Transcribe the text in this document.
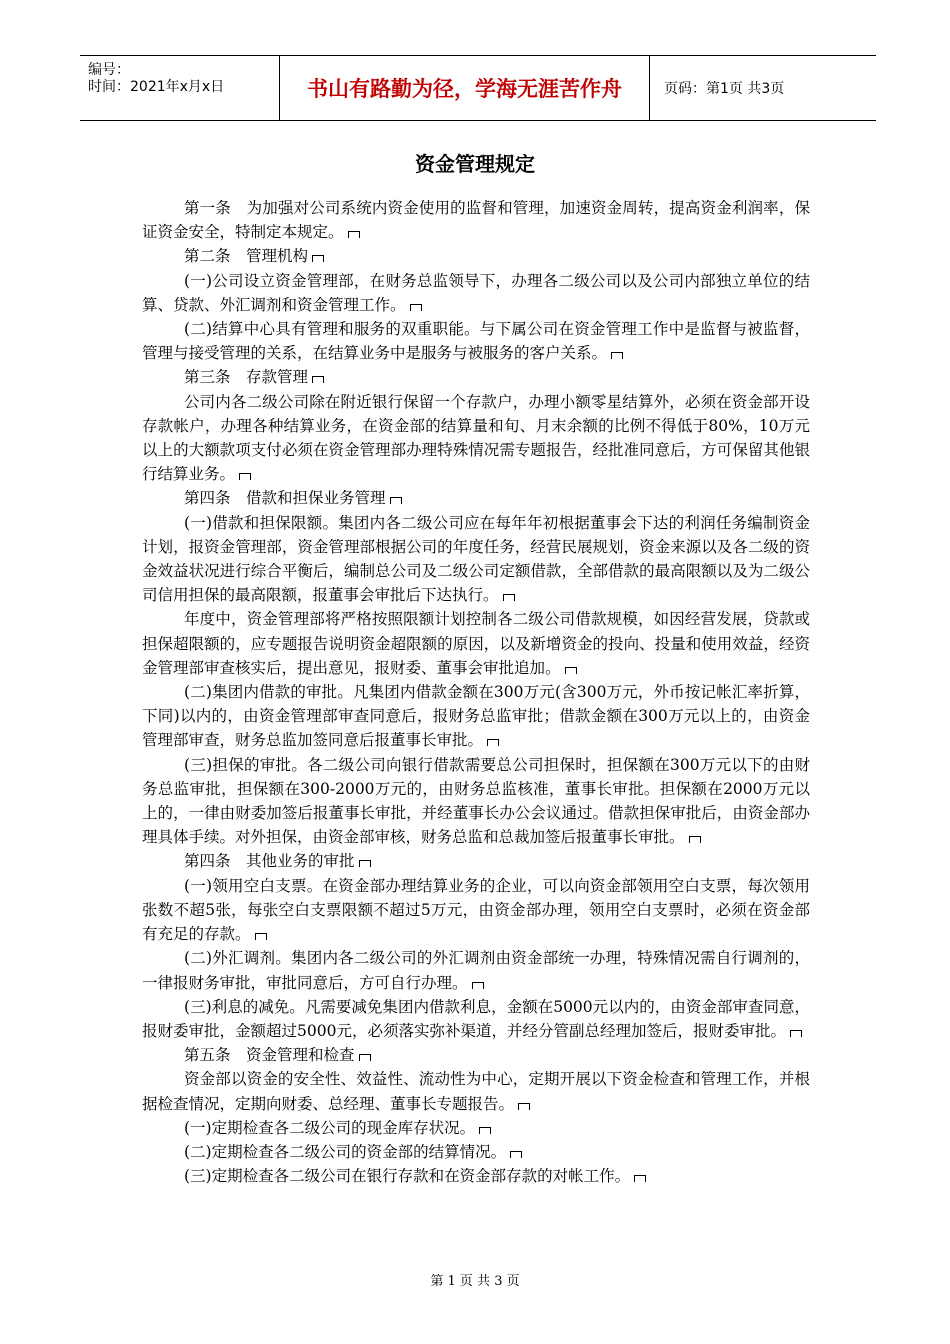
编号：
时间：2021年x月x日	书山有路勤为径，学海无涯苦作舟	页码：第1页 共3页
资金管理规定

第一条　为加强对公司系统内资金使用的监督和管理，加速资金周转，提高资金利润率，保证资金安全，特制定本规定。

第二条　管理机构

(一)公司设立资金管理部，在财务总监领导下，办理各二级公司以及公司内部独立单位的结算、贷款、外汇调剂和资金管理工作。

(二)结算中心具有管理和服务的双重职能。与下属公司在资金管理工作中是监督与被监督，管理与接受管理的关系，在结算业务中是服务与被服务的客户关系。

第三条　存款管理

公司内各二级公司除在附近银行保留一个存款户，办理小额零星结算外，必须在资金部开设存款帐户，办理各种结算业务，在资金部的结算量和旬、月末余额的比例不得低于80%，10万元以上的大额款项支付必须在资金管理部办理特殊情况需专题报告，经批准同意后，方可保留其他银行结算业务。

第四条　借款和担保业务管理

(一)借款和担保限额。集团内各二级公司应在每年年初根据董事会下达的利润任务编制资金计划，报资金管理部，资金管理部根据公司的年度任务，经营民展规划，资金来源以及各二级的资金效益状况进行综合平衡后，编制总公司及二级公司定额借款，全部借款的最高限额以及为二级公司信用担保的最高限额，报董事会审批后下达执行。

年度中，资金管理部将严格按照限额计划控制各二级公司借款规模，如因经营发展，贷款或担保超限额的，应专题报告说明资金超限额的原因，以及新增资金的投向、投量和使用效益，经资金管理部审查核实后，提出意见，报财委、董事会审批追加。

(二)集团内借款的审批。凡集团内借款金额在300万元(含300万元，外币按记帐汇率折算，下同)以内的，由资金管理部审查同意后，报财务总监审批；借款金额在300万元以上的，由资金管理部审查，财务总监加签同意后报董事长审批。

(三)担保的审批。各二级公司向银行借款需要总公司担保时，担保额在300万元以下的由财务总监审批，担保额在300-2000万元的，由财务总监核准，董事长审批。担保额在2000万元以上的，一律由财委加签后报董事长审批，并经董事长办公会议通过。借款担保审批后，由资金部办理具体手续。对外担保，由资金部审核，财务总监和总裁加签后报董事长审批。

第四条　其他业务的审批

(一)领用空白支票。在资金部办理结算业务的企业，可以向资金部领用空白支票，每次领用张数不超5张，每张空白支票限额不超过5万元，由资金部办理，领用空白支票时，必须在资金部有充足的存款。

(二)外汇调剂。集团内各二级公司的外汇调剂由资金部统一办理，特殊情况需自行调剂的，一律报财务审批，审批同意后，方可自行办理。

(三)利息的减免。凡需要减免集团内借款利息，金额在5000元以内的，由资金部审查同意，报财委审批，金额超过5000元，必须落实弥补渠道，并经分管副总经理加签后，报财委审批。

第五条　资金管理和检查

资金部以资金的安全性、效益性、流动性为中心，定期开展以下资金检查和管理工作，并根据检查情况，定期向财委、总经理、董事长专题报告。

(一)定期检查各二级公司的现金库存状况。

(二)定期检查各二级公司的资金部的结算情况。

(三)定期检查各二级公司在银行存款和在资金部存款的对帐工作。

第 1 页 共 3 页
